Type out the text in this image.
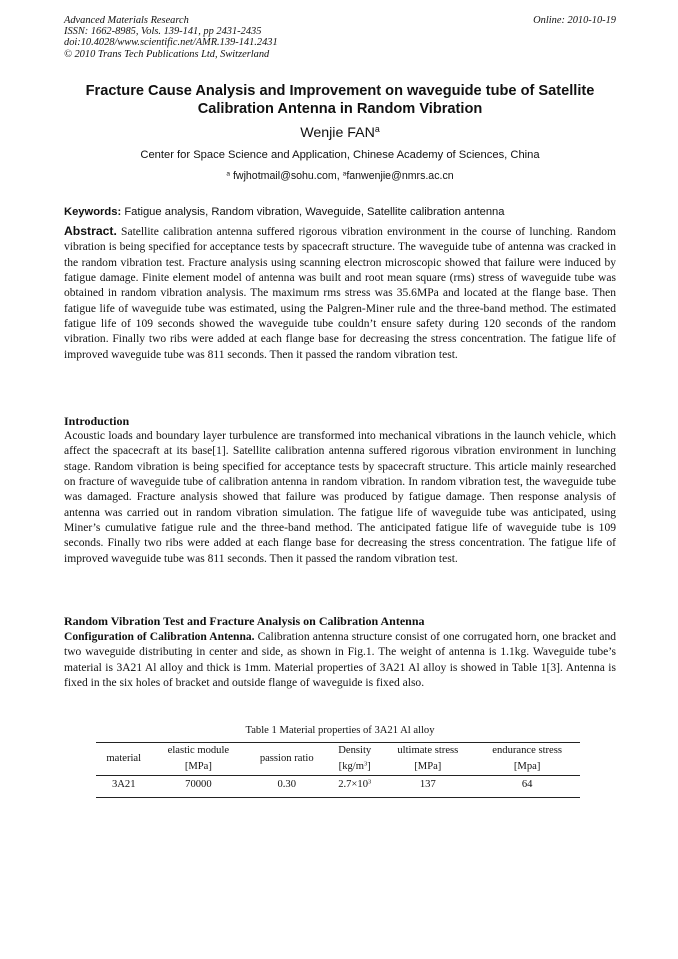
Advanced Materials Research
ISSN: 1662-8985, Vols. 139-141, pp 2431-2435
doi:10.4028/www.scientific.net/AMR.139-141.2431
© 2010 Trans Tech Publications Ltd, Switzerland
Online: 2010-10-19
Fracture Cause Analysis and Improvement on waveguide tube of Satellite Calibration Antenna in Random Vibration
Wenjie FAN$^a$
Center for Space Science and Application, Chinese Academy of Sciences, China
$^a$ fwjhotmail@sohu.com, $^a$fanwenjie@nmrs.ac.cn
Keywords: Fatigue analysis, Random vibration, Waveguide, Satellite calibration antenna
Abstract. Satellite calibration antenna suffered rigorous vibration environment in the course of lunching. Random vibration is being specified for acceptance tests by spacecraft structure. The waveguide tube of antenna was cracked in the random vibration test. Fracture analysis using scanning electron microscopic showed that failure were induced by fatigue damage. Finite element model of antenna was built and root mean square (rms) stress of waveguide tube was obtained in random vibration analysis. The maximum rms stress was 35.6MPa and located at the flange base. Then fatigue life of waveguide tube was estimated, using the Palgren-Miner rule and the three-band method. The estimated fatigue life of 109 seconds showed the waveguide tube couldn’t ensure safety during 120 seconds of the random vibration. Finally two ribs were added at each flange base for decreasing the stress concentration. The fatigue life of improved waveguide tube was 811 seconds. Then it passed the random vibration test.
Introduction
Acoustic loads and boundary layer turbulence are transformed into mechanical vibrations in the launch vehicle, which affect the spacecraft at its base[1]. Satellite calibration antenna suffered rigorous vibration environment in lunching stage. Random vibration is being specified for acceptance tests by spacecraft structure. This article mainly researched on fracture of waveguide tube of calibration antenna in random vibration. In random vibration test, the waveguide tube was damaged. Fracture analysis showed that failure was produced by fatigue damage. Then response analysis of antenna was carried out in random vibration simulation. The fatigue life of waveguide tube was anticipated, using Miner’s cumulative fatigue rule and the three-band method. The anticipated fatigue life of waveguide tube is 109 seconds. Finally two ribs were added at each flange base for decreasing the stress concentration. The fatigue life of improved waveguide tube was 811 seconds. Then it passed the random vibration test.
Random Vibration Test and Fracture Analysis on Calibration Antenna
Configuration of Calibration Antenna. Calibration antenna structure consist of one corrugated horn, one bracket and two waveguide distributing in center and side, as shown in Fig.1. The weight of antenna is 1.1kg. Waveguide tube’s material is 3A21 Al alloy and thick is 1mm. Material properties of 3A21 Al alloy is showed in Table 1[3]. Antenna is fixed in the six holes of bracket and outside flange of waveguide is fixed also.
Table 1 Material properties of 3A21 Al alloy
material	elastic module	passion ratio	Density	ultimate stress	endurance stress
	[MPa]		$[kg/m^3]$	[MPa]	[Mpa]
3A21	70000	0.30	$2.7\times 10^3$	137	64
